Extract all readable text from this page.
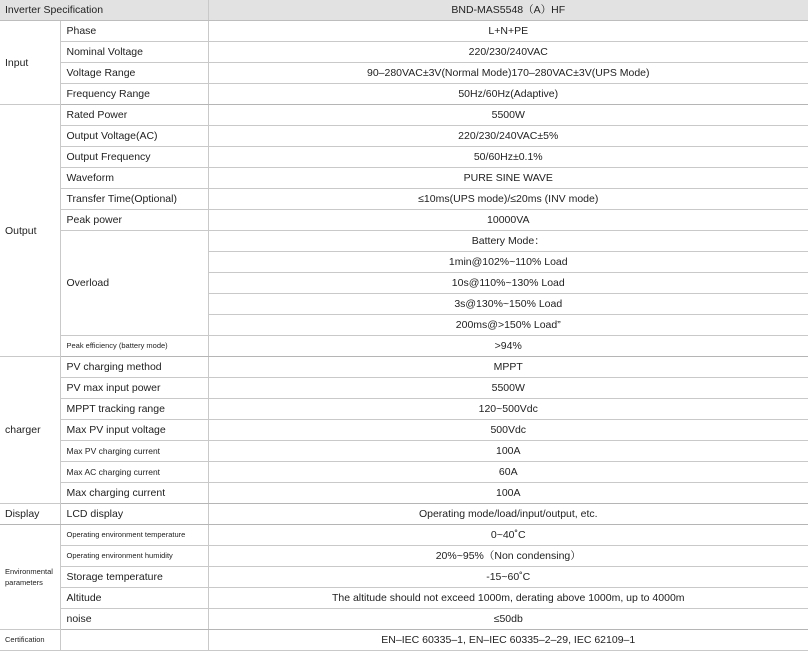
Inverter Specification		BND-MAS5548（A）HF
Input	Phase	L+N+PE
	Nominal Voltage	220/230/240VAC
	Voltage Range	90–280VAC±3V(Normal Mode)170–280VAC±3V(UPS Mode)
	Frequency Range	50Hz/60Hz(Adaptive)
Output	Rated Power	5500W
	Output Voltage(AC)	220/230/240VAC±5%
	Output Frequency	50/60Hz±0.1%
	Waveform	PURE SINE WAVE
	Transfer Time(Optional)	≤10ms(UPS mode)/≤20ms (INV mode)
	Peak power	10000VA
	Overload	Battery Mode：
		1min@102%~110% Load
		10s@110%~130% Load
		3s@130%~150% Load
		200ms@>150% Load”
	Peak efficiency (battery mode)	>94%
charger	PV charging method	MPPT
	PV max input power	5500W
	MPPT tracking range	120~500Vdc
	Max PV input voltage	500Vdc
	Max PV charging current	100A
	Max AC charging current	60A
	Max charging current	100A
Display	LCD display	Operating mode/load/input/output, etc.
Environmental
parameters	Operating environment temperature	0~40˚C
	Operating environment humidity	20%~95%（Non condensing）
	Storage temperature	-15~60˚C
	Altitude	The altitude should not exceed 1000m, derating above 1000m, up to 4000m
	noise	≤50db
Certification		EN–IEC 60335–1, EN–IEC 60335–2–29, IEC 62109–1
